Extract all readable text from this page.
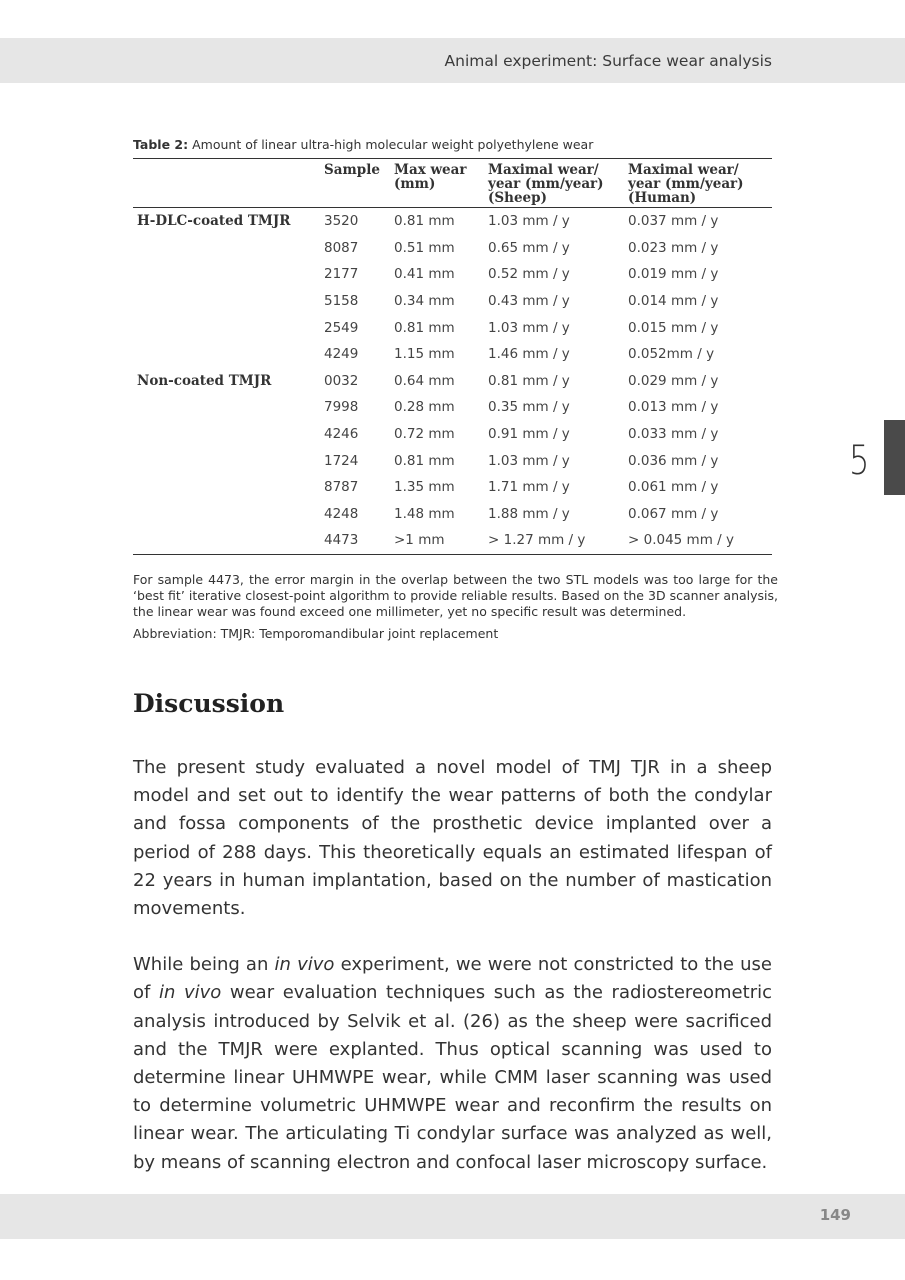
Animal experiment: Surface wear analysis
5
Table 2: Amount of linear ultra-high molecular weight polyethylene wear
	Sample	Max wear (mm)	Maximal wear/ year (mm/year) (Sheep)	Maximal wear/ year (mm/year) (Human)
H-DLC-coated TMJR	3520	0.81 mm	1.03 mm / y	0.037 mm / y
	8087	0.51 mm	0.65 mm / y	0.023 mm / y
	2177	0.41 mm	0.52 mm / y	0.019 mm / y
	5158	0.34 mm	0.43 mm / y	0.014 mm / y
	2549	0.81 mm	1.03 mm / y	0.015 mm / y
	4249	1.15 mm	1.46 mm / y	0.052mm / y
Non-coated TMJR	0032	0.64 mm	0.81 mm / y	0.029 mm / y
	7998	0.28 mm	0.35 mm / y	0.013 mm / y
	4246	0.72 mm	0.91 mm / y	0.033 mm / y
	1724	0.81 mm	1.03 mm / y	0.036 mm / y
	8787	1.35 mm	1.71 mm / y	0.061 mm / y
	4248	1.48 mm	1.88 mm / y	0.067 mm / y
	4473	>1 mm	> 1.27 mm / y	> 0.045 mm / y

For sample 4473, the error margin in the overlap between the two STL models was too large for the ‘best fit’ iterative closest-point algorithm to provide reliable results. Based on the 3D scanner analysis, the linear wear was found exceed one millimeter, yet no specific result was determined.

Abbreviation: TMJR: Temporomandibular joint replacement

Discussion

The present study evaluated a novel model of TMJ TJR in a sheep model and set out to identify the wear patterns of both the condylar and fossa components of the prosthetic device implanted over a period of 288 days. This theoretically equals an estimated lifespan of 22 years in human implantation, based on the number of mastication movements.

While being an in vivo experiment, we were not constricted to the use of in vivo wear evaluation techniques such as the radiostereometric analysis introduced by Selvik et al. (26) as the sheep were sacrificed and the TMJR were explanted. Thus optical scanning was used to determine linear UHMWPE wear, while CMM laser scanning was used to determine volumetric UHMWPE wear and reconfirm the results on linear wear. The articulating Ti condylar surface was analyzed as well, by means of scanning electron and confocal laser microscopy surface.

149
